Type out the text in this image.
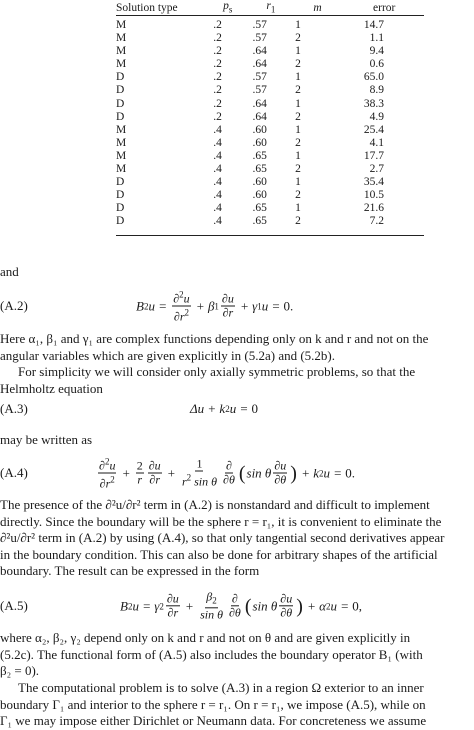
Solution type	$p_s$	$r_1$	m	error
M	.2	.57	1	14.7
M	.2	.57	2	1.1
M	.2	.64	1	9.4
M	.2	.64	2	0.6
D	.2	.57	1	65.0
D	.2	.57	2	8.9
D	.2	.64	1	38.3
D	.2	.64	2	4.9
M	.4	.60	1	25.4
M	.4	.60	2	4.1
M	.4	.65	1	17.7
M	.4	.65	2	2.7
D	.4	.60	1	35.4
D	.4	.60	2	10.5
D	.4	.65	1	21.6
D	.4	.65	2	7.2
and
(A.2)	B 2 $u = \frac{\partial^2u}{\partial r^2} + \beta$ $1 \frac{\partial u}{\partial r} + \gamma$ 1 u = 0.
Here α₁, β₁ and γ₁ are complex functions depending only on k and r and not on the
angular variables which are given explicitly in (5.2a) and (5.2b).
For simplicity we will consider only axially symmetric problems, so that the
Helmholtz equation
(A.3)	Δ u + k 2 u = 0
may be written as
(A.4)	$\frac{\partial^2u}{\partial r^2} + \frac{2}{r} \frac{\partial u}{\partial r} + \frac{1}{r^2 \sin \theta} \frac{\partial}{\partial\theta}$ ( sin θ $\frac{\partial u}{\partial\theta}$ ) + k 2 u = 0.
The presence of the ∂²u/∂r² term in (A.2) is nonstandard and difficult to implement
directly. Since the boundary will be the sphere r = r₁, it is convenient to eliminate the
∂²u/∂r² term in (A.2) by using (A.4), so that only tangential second derivatives appear
in the boundary condition. This can also be done for arbitrary shapes of the artificial
boundary. The result can be expressed in the form
(A.5)	B 2 u = γ $2 \frac{\partial u}{\partial r} + \frac{\beta_2}{\text{sin θ}} \frac{\partial}{\partial\theta}$ ( sin θ $\frac{\partial u}{\partial\theta}$ ) + α 2 u = 0,
where α₂, β₂, γ₂ depend only on k and r and not on θ and are given explicitly in
(5.2c). The functional form of (A.5) also includes the boundary operator B₁ (with
β₂ = 0).
The computational problem is to solve (A.3) in a region Ω exterior to an inner
boundary Γ₁ and interior to the sphere r = r₁. On r = r₁, we impose (A.5), while on
Γ₁ we may impose either Dirichlet or Neumann data. For concreteness we assume
